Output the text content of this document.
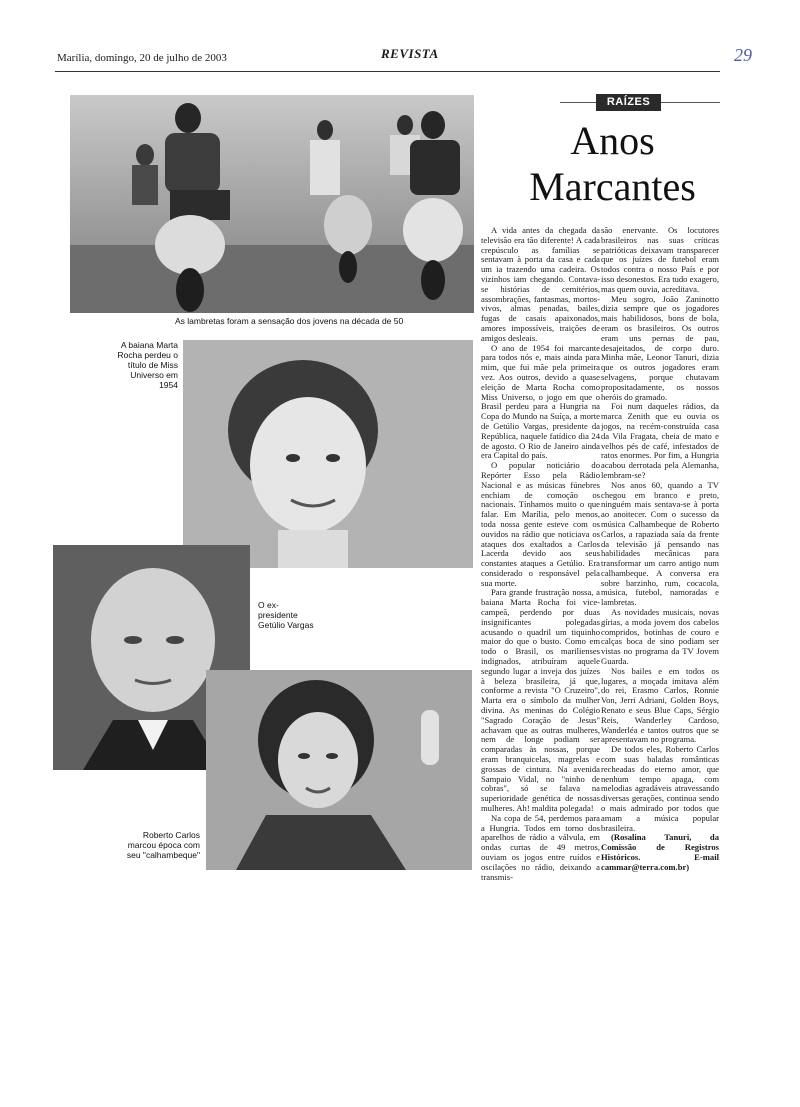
Marília, domingo, 20 de julho de 2003	REVISTA	29
As lambretas foram a sensação dos jovens na década de 50
A baiana Marta Rocha perdeu o título de Miss Universo em 1954
O ex-presidente Getúlio Vargas
Roberto Carlos marcou época com seu "calhambeque"
RAÍZES
Anos
Marcantes

A vida antes da chegada da televisão era tão diferente! A cada crepúsculo as famílias se sentavam à porta da casa e cada um ia trazendo uma cadeira. Os vizinhos iam chegando. Contava-se histórias de cemitérios, assombrações, fantasmas, mortos-vivos, almas penadas, bailes, fugas de casais apaixonados, amores impossíveis, traições de amigos desleais.

O ano de 1954 foi marcante para todos nós e, mais ainda para mim, que fui mãe pela primeira vez. Aos outros, devido a quase eleição de Marta Rocha como Miss Universo, o jogo em que o Brasil perdeu para a Hungria na Copa do Mundo na Suíça, a morte de Getúlio Vargas, presidente da República, naquele fatídico dia 24 de agosto. O Rio de Janeiro ainda era Capital do país.

O popular noticiário do Repórter Esso pela Rádio Nacional e as músicas fúnebres enchiam de comoção os nacionais. Tínhamos muito o que falar. Em Marília, pelo menos, toda nossa gente esteve com os ouvidos na rádio que noticiava os ataques dos exaltados a Carlos Lacerda devido aos seus constantes ataques a Getúlio. Era considerado o responsável pela sua morte.

Para grande frustração nossa, a baiana Marta Rocha foi vice-campeã, perdendo por duas insignificantes polegadas acusando o quadril um tiquinho maior do que o busto. Como em todo o Brasil, os marilienses indignados, atribuíram aquele segundo lugar a inveja dos juízes à beleza brasileira, já que, conforme a revista "O Cruzeiro", Marta era o símbolo da mulher divina. As meninas do Colégio "Sagrado Coração de Jesus" achavam que as outras mulheres, nem de longe podiam ser comparadas às nossas, porque eram branquicelas, magrelas e grossas de cintura. Na avenida Sampaio Vidal, no "ninho de cobras", só se falava na superioridade genética de nossas mulheres. Ah! maldita polegada!

Na copa de 54, perdemos para a Hungria. Todos em torno dos aparelhos de rádio a válvula, em ondas curtas de 49 metros, ouviam os jogos entre ruídos e oscilações no rádio, deixando a transmis-

são enervante. Os locutores brasileiros nas suas críticas patrióticas deixavam transparecer que os juízes de futebol eram todos contra o nosso País e por isso desonestos. Era tudo exagero, mas quem ouvia, acreditava.

Meu sogro, João Zaninotto dizia sempre que os jogadores mais habilidosos, bons de bola, eram os brasileiros. Os outros eram uns pernas de pau, desajeitados, de corpo duro. Minha mãe, Leonor Tanuri, dizia que os outros jogadores eram selvagens, porque chutavam propositadamente, os nossos heróis do gramado.

Foi num daqueles rádios, da marca Zenith que eu ouvia os jogos, na recém-construída casa da Vila Fragata, cheia de mato e velhos pés de café, infestados de ratos enormes. Por fim, a Hungria acabou derrotada pela Alemanha, lembram-se?

Nos anos 60, quando a TV chegou em branco e preto, ninguém mais sentava-se à porta ao anoitecer. Com o sucesso da música Calhambeque de Roberto Carlos, a rapaziada saía da frente da televisão já pensando nas habilidades mecânicas para transformar um carro antigo num calhambeque. A conversa era sobre barzinho, rum, cocacola, música, futebol, namoradas e lambretas.

As novidades musicais, novas gírias, a moda jovem dos cabelos compridos, botinhas de couro e calças boca de sino podiam ser vistas no programa da TV Jovem Guarda.

Nos bailes e em todos os lugares, a moçada imitava além do rei, Erasmo Carlos, Ronnie Von, Jerri Adriani, Golden Boys, Renato e seus Blue Caps, Sérgio Reis, Wanderley Cardoso, Wanderléa e tantos outros que se apresentavam no programa.

De todos eles, Roberto Carlos com suas baladas românticas recheadas do eterno amor, que nenhum tempo apaga, com melodias agradáveis atravessando diversas gerações, continua sendo o mais admirado por todos que amam a música popular brasileira.

(Rosalina Tanuri, da Comissão de Registros Históricos. E-mail cammar@terra.com.br)
